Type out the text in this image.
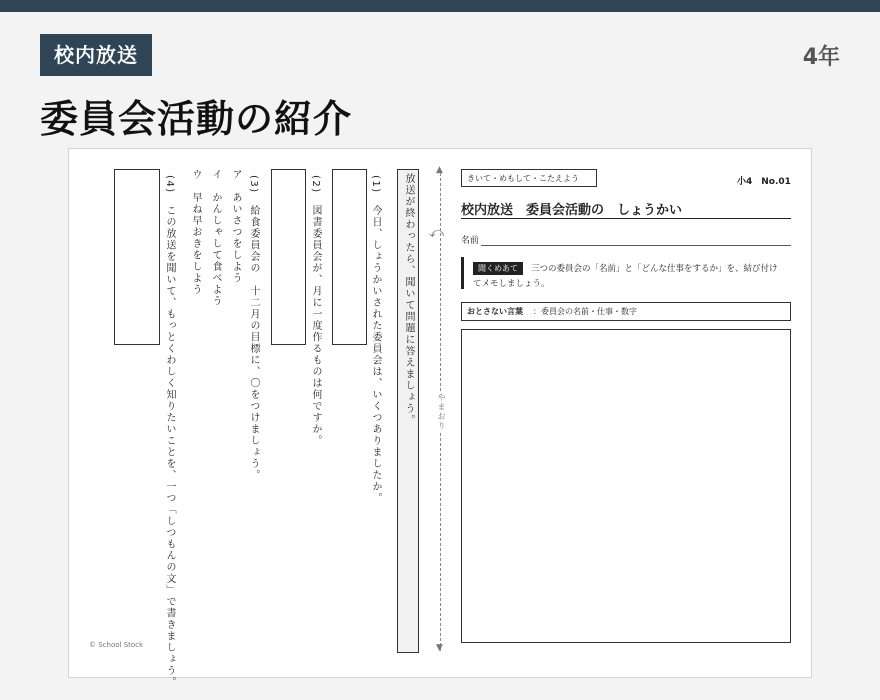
校内放送	4年
委員会活動の紹介
放送が終わったら、聞いて問題に答えましょう。
(1)　今日、しょうかいされた委員会は、いくつありましたか。
(2)　図書委員会が、月に一度作るものは何ですか。
(3)　給食委員会の　十二月の目標に、〇をつけましょう。
ア　あいさつをしよう
イ　かんしゃして食べよう
ウ　早ね早おきをしよう
(4)　この放送を聞いて、もっとくわしく知りたいことを、一つ「しつもんの文」で書きましょう。
▲
⤺
やまおり
▼
きいて・めもして・こたえよう	小4　No.01
校内放送　委員会活動の　しょうかい
名前
聞くめあて	三つの委員会の「名前」と「どんな仕事をするか」を、結び付け
てメモしましょう。
おとさない言葉 ：委員会の名前・仕事・数字
© School Stock
